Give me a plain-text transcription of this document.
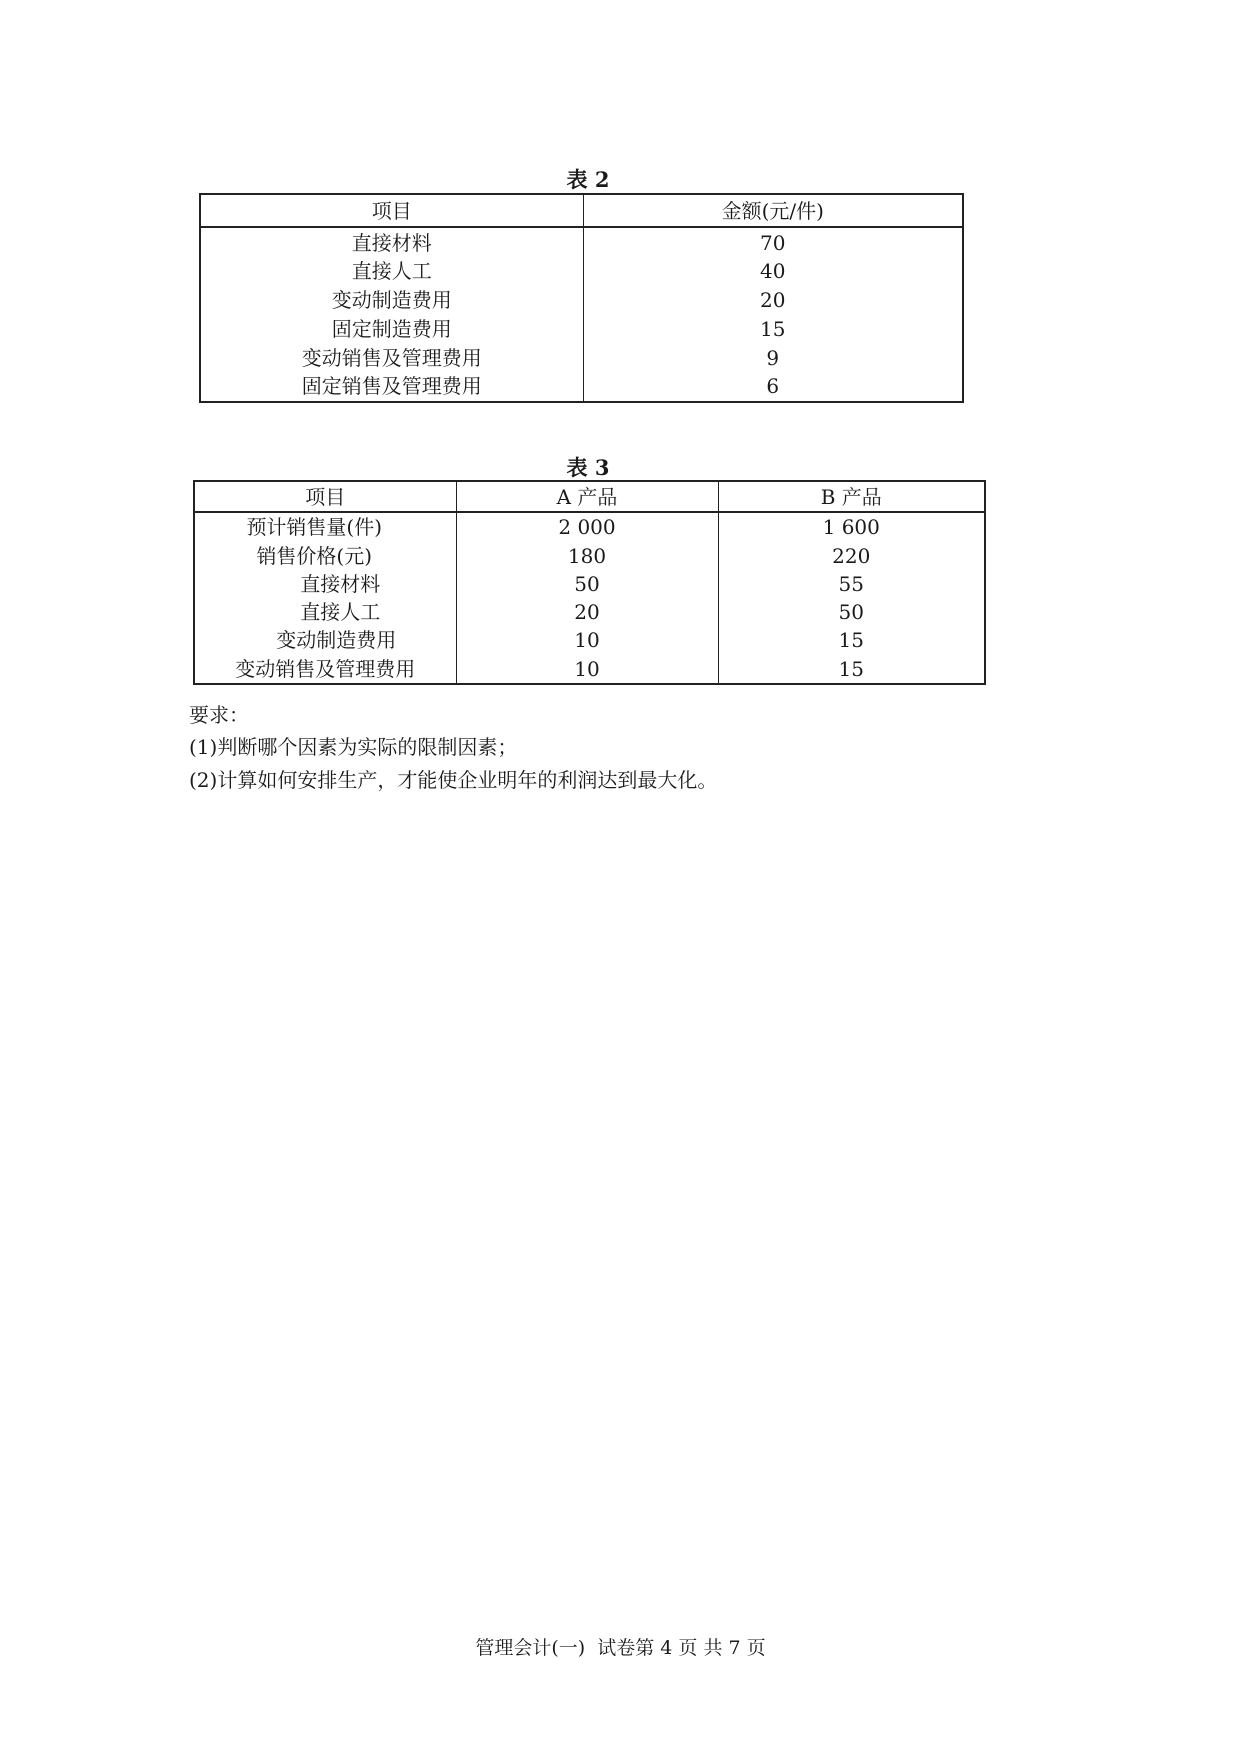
表 2
项目	金额(元/件)
直接材料	70
直接人工	40
变动制造费用	20
固定制造费用	15
变动销售及管理费用	9
固定销售及管理费用	6
表 3
项目	A 产品	B 产品
预计销售量(件)	2 000	1 600
销售价格(元)	180	220
直接材料	50	55
直接人工	20	50
变动制造费用	10	15
变动销售及管理费用	10	15
要求：
(1)判断哪个因素为实际的限制因素；
(2)计算如何安排生产，才能使企业明年的利润达到最大化。
管理会计(一)  试卷第 4 页 共 7 页
